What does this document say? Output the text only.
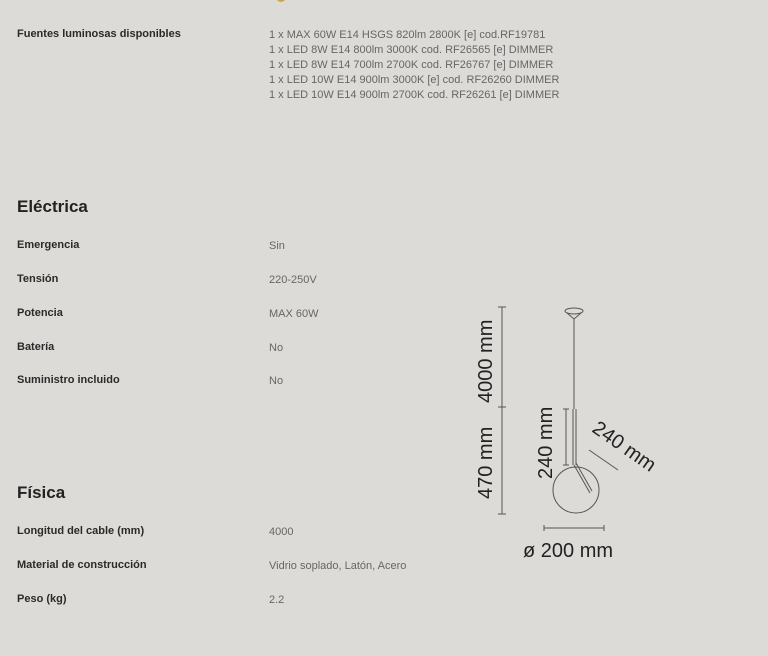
Fuentes luminosas disponibles	1 x MAX 60W E14 HSGS 820lm 2800K [e] cod.RF19781
1 x LED 8W E14 800lm 3000K cod. RF26565 [e] DIMMER
1 x LED 8W E14 700lm 2700K cod. RF26767 [e] DIMMER
1 x LED 10W E14 900lm 3000K [e] cod. RF26260 DIMMER
1 x LED 10W E14 900lm 2700K cod. RF26261 [e] DIMMER
Eléctrica
Emergencia	Sin
Tensión	220-250V
Potencia	MAX 60W
Batería	No
Suministro incluido	No
Física
Longitud del cable (mm)	4000
Material de construcción	Vidrio soplado, Latón, Acero
Peso (kg)	2.2
4000 mm
470 mm 240 mm 240 mm
ø 200 mm
